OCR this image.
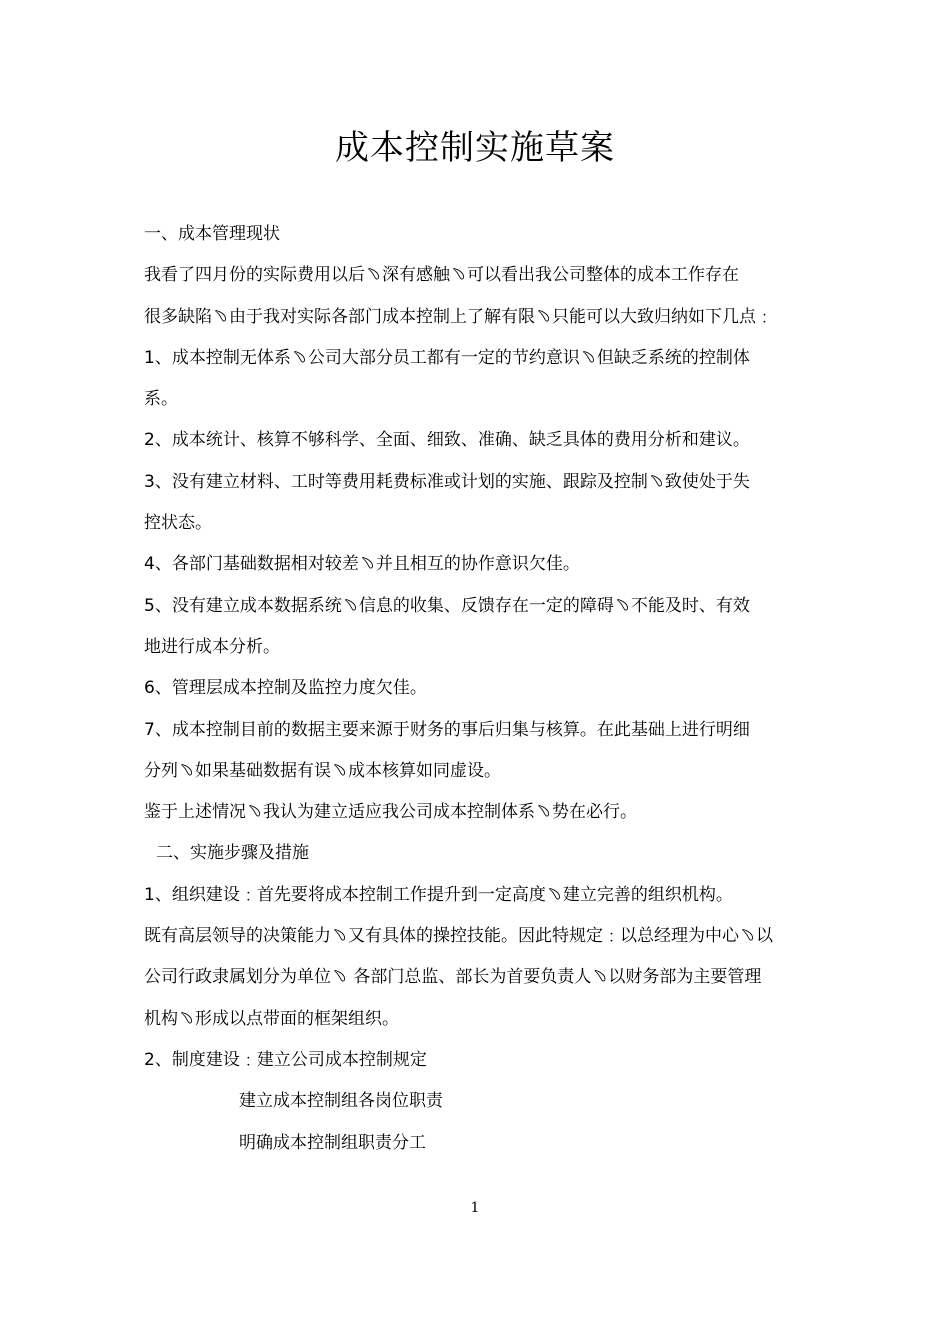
成本控制实施草案
一、成本管理现状
我看了四月份的实际费用以后﹆深有感触﹆可以看出我公司整体的成本工作存在
很多缺陷﹆由于我对实际各部门成本控制上了解有限﹆只能可以大致归纳如下几点﹕
1、成本控制无体系﹆公司大部分员工都有一定的节约意识﹆但缺乏系统的控制体
系。
2、成本统计、核算不够科学、全面、细致、准确、缺乏具体的费用分析和建议。
3、没有建立材料、工时等费用耗费标准或计划的实施、跟踪及控制﹆致使处于失
控状态。
4、各部门基础数据相对较差﹆并且相互的协作意识欠佳。
5、没有建立成本数据系统﹆信息的收集、反馈存在一定的障碍﹆不能及时、有效
地进行成本分析。
6、管理层成本控制及监控力度欠佳。
7、成本控制目前的数据主要来源于财务的事后归集与核算。在此基础上进行明细
分列﹆如果基础数据有误﹆成本核算如同虚设。
鉴于上述情况﹆我认为建立适应我公司成本控制体系﹆势在必行。
二、实施步骤及措施
1、组织建设﹕首先要将成本控制工作提升到一定高度﹆建立完善的组织机构。
既有高层领导的决策能力﹆又有具体的操控技能。因此特规定﹕以总经理为中心﹆以
公司行政隶属划分为单位﹆ 各部门总监、部长为首要负责人﹆以财务部为主要管理
机构﹆形成以点带面的框架组织。
2、制度建设﹕建立公司成本控制规定
建立成本控制组各岗位职责
明确成本控制组职责分工
1
